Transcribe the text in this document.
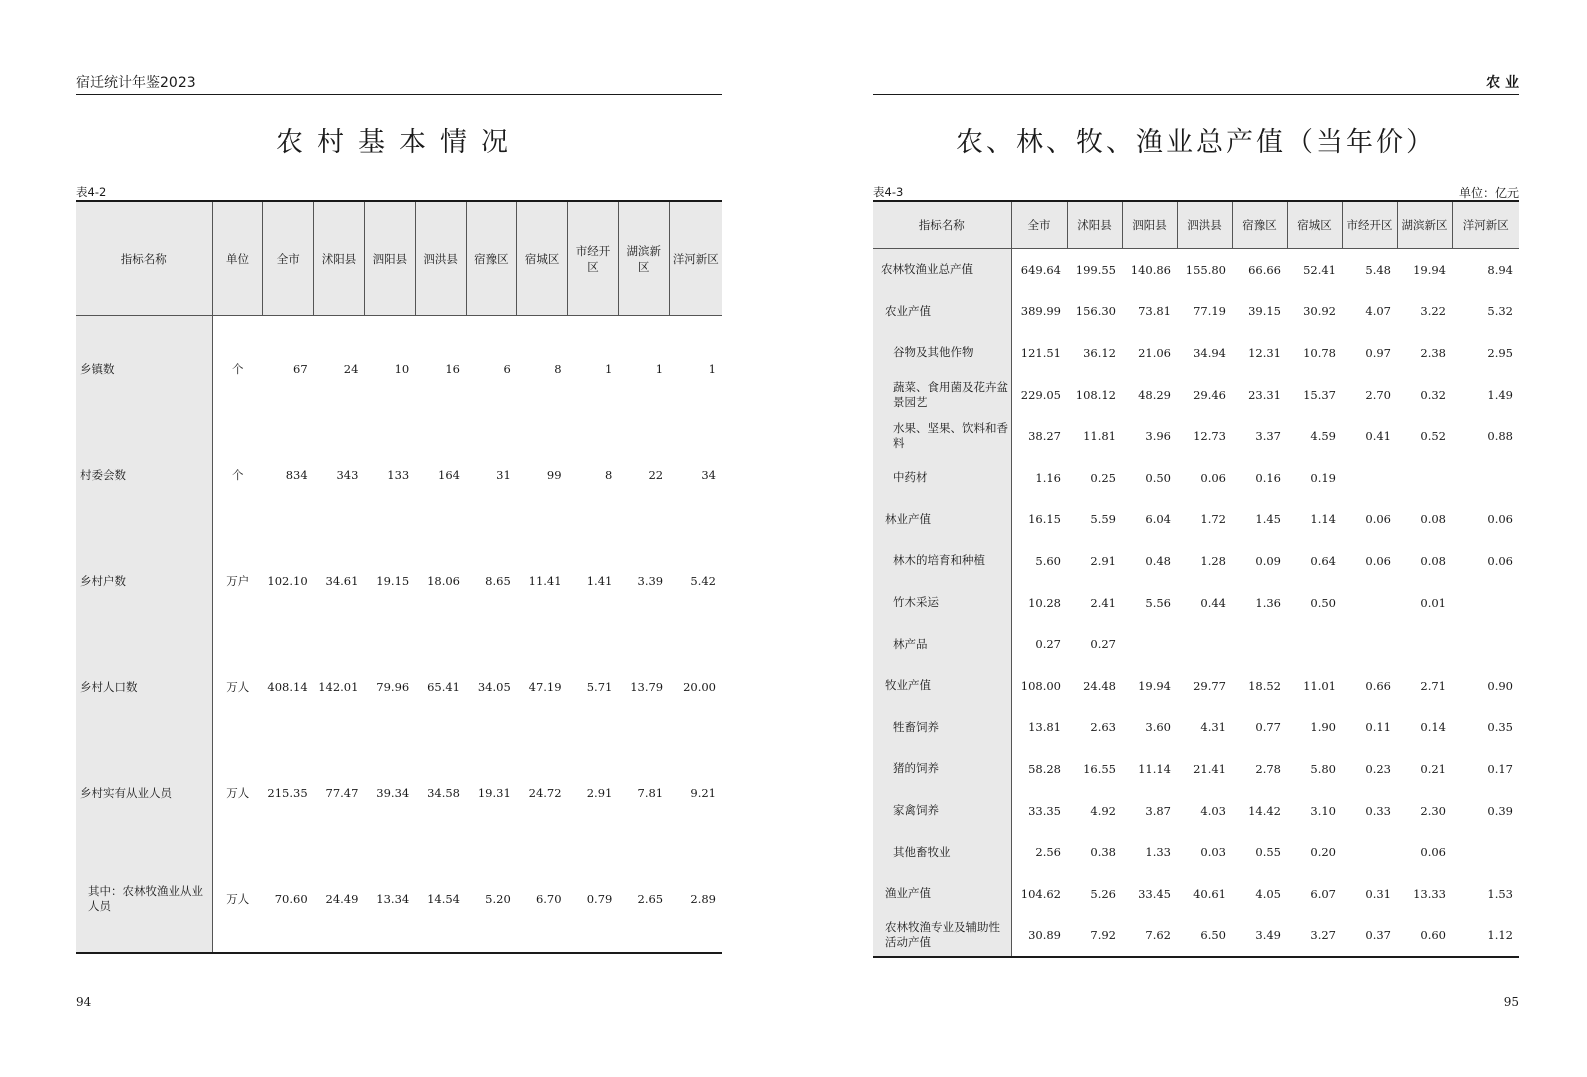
宿迁统计年鉴2023
农村基本情况
表4-2
指标名称	单位	全市	沭阳县	泗阳县	泗洪县	宿豫区	宿城区	市经开区	湖滨新区	洋河新区
乡镇数	个	67	24	10	16	6	8	1	1	1
村委会数	个	834	343	133	164	31	99	8	22	34
乡村户数	万户	102.10	34.61	19.15	18.06	8.65	11.41	1.41	3.39	5.42
乡村人口数	万人	408.14	142.01	79.96	65.41	34.05	47.19	5.71	13.79	20.00
乡村实有从业人员	万人	215.35	77.47	39.34	34.58	19.31	24.72	2.91	7.81	9.21
其中：农林牧渔业从业人员	万人	70.60	24.49	13.34	14.54	5.20	6.70	0.79	2.65	2.89
94
农 业
农、林、牧、渔业总产值（当年价）
表4-3	单位：亿元
指标名称	全市	沭阳县	泗阳县	泗洪县	宿豫区	宿城区	市经开区	湖滨新区	洋河新区
农林牧渔业总产值	649.64	199.55	140.86	155.80	66.66	52.41	5.48	19.94	8.94
农业产值	389.99	156.30	73.81	77.19	39.15	30.92	4.07	3.22	5.32
谷物及其他作物	121.51	36.12	21.06	34.94	12.31	10.78	0.97	2.38	2.95
蔬菜、食用菌及花卉盆景园艺	229.05	108.12	48.29	29.46	23.31	15.37	2.70	0.32	1.49
水果、坚果、饮料和香料	38.27	11.81	3.96	12.73	3.37	4.59	0.41	0.52	0.88
中药材	1.16	0.25	0.50	0.06	0.16	0.19			
林业产值	16.15	5.59	6.04	1.72	1.45	1.14	0.06	0.08	0.06
林木的培育和种植	5.60	2.91	0.48	1.28	0.09	0.64	0.06	0.08	0.06
竹木采运	10.28	2.41	5.56	0.44	1.36	0.50		0.01	
林产品	0.27	0.27							
牧业产值	108.00	24.48	19.94	29.77	18.52	11.01	0.66	2.71	0.90
牲畜饲养	13.81	2.63	3.60	4.31	0.77	1.90	0.11	0.14	0.35
猪的饲养	58.28	16.55	11.14	21.41	2.78	5.80	0.23	0.21	0.17
家禽饲养	33.35	4.92	3.87	4.03	14.42	3.10	0.33	2.30	0.39
其他畜牧业	2.56	0.38	1.33	0.03	0.55	0.20		0.06	
渔业产值	104.62	5.26	33.45	40.61	4.05	6.07	0.31	13.33	1.53
农林牧渔专业及辅助性活动产值	30.89	7.92	7.62	6.50	3.49	3.27	0.37	0.60	1.12
95
